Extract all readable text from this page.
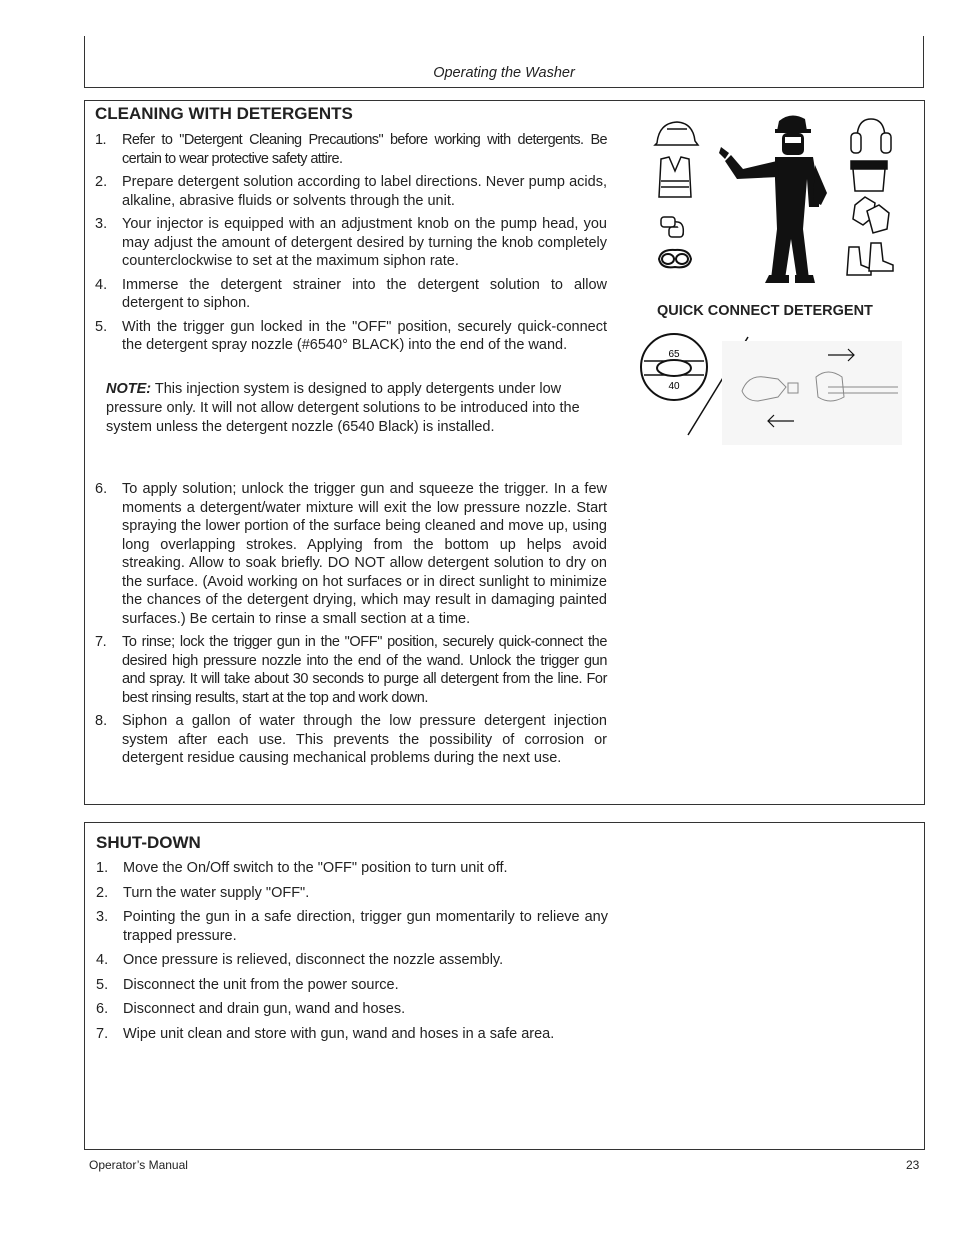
Operating the Washer
CLEANING WITH DETERGENTS
1. Refer to "Detergent Cleaning Precautions" before working with detergents. Be certain to wear protective safety attire.
2. Prepare detergent solution according to label directions. Never pump acids, alkaline, abrasive fluids or solvents through the unit.
3. Your injector is equipped with an adjustment knob on the pump head, you may adjust the amount of detergent desired by turning the knob completely counterclockwise to set at the maximum siphon rate.
4. Immerse the detergent strainer into the detergent solution to allow detergent to siphon.
5. With the trigger gun locked in the "OFF" position, securely quick-connect the detergent spray nozzle (#6540° BLACK) into the end of the wand.
NOTE: This injection system is designed to apply detergents under low pressure only. It will not allow detergent solutions to be introduced into the system unless the detergent nozzle (6540 Black) is installed.
6. To apply solution; unlock the trigger gun and squeeze the trigger. In a few moments a detergent/water mixture will exit the low pressure nozzle. Start spraying the lower portion of the surface being cleaned and move up, using long overlapping strokes. Applying from the bottom up helps avoid streaking. Allow to soak briefly. DO NOT allow detergent solution to dry on the surface. (Avoid working on hot surfaces or in direct sunlight to minimize the chances of the detergent drying, which may result in damaging painted surfaces.) Be certain to rinse a small section at a time.
7. To rinse; lock the trigger gun in the "OFF" position, securely quick-connect the desired high pressure nozzle into the end of the wand. Unlock the trigger gun and spray. It will take about 30 seconds to purge all detergent from the line. For best rinsing results, start at the top and work down.
8. Siphon a gallon of water through the low pressure detergent injection system after each use. This prevents the possibility of corrosion or detergent residue causing mechanical problems during the next use.
QUICK CONNECT DETERGENT
65
40
SHUT-DOWN
1. Move the On/Off switch to the "OFF" position to turn unit off.
2. Turn the water supply "OFF".
3. Pointing the gun in a safe direction, trigger gun momentarily to relieve any trapped pressure.
4. Once pressure is relieved, disconnect the nozzle assembly.
5. Disconnect the unit from the power source.
6. Disconnect and drain gun, wand and hoses.
7. Wipe unit clean and store with gun, wand and hoses in a safe area.
Operator’s Manual	23
